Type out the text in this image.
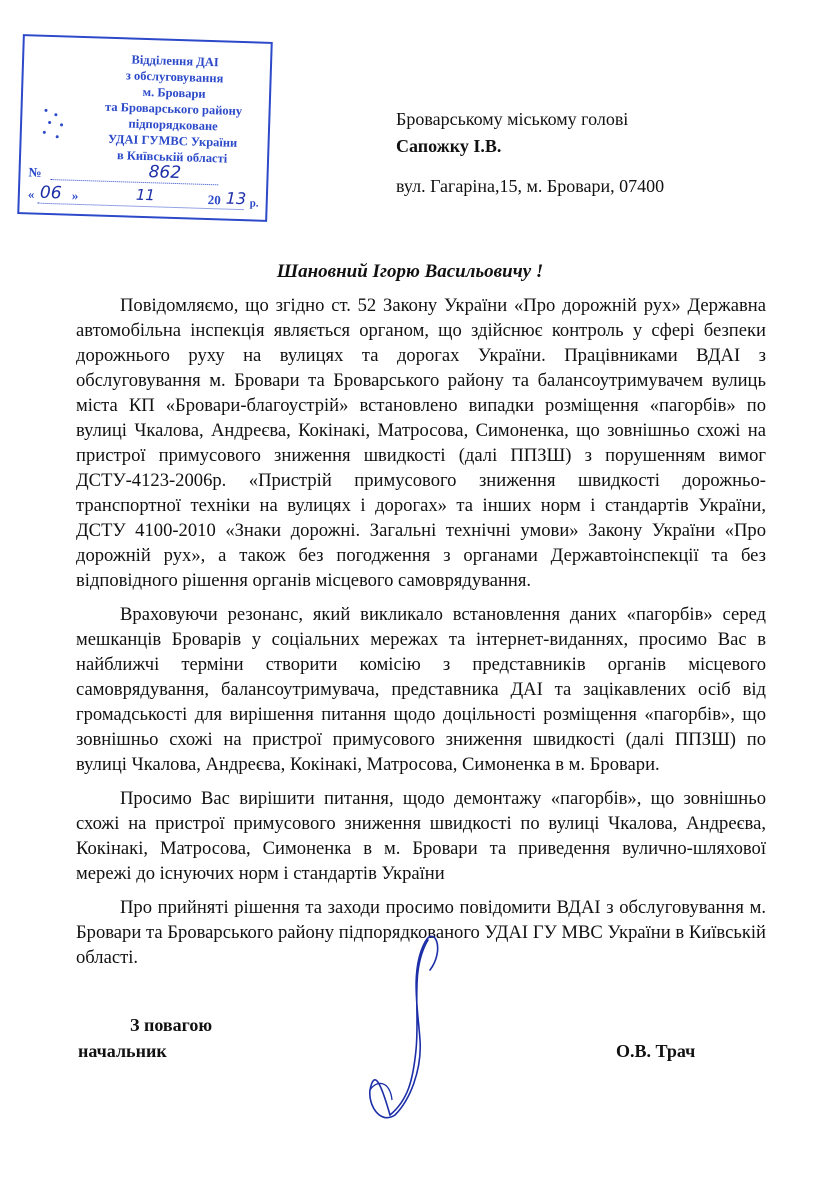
Відділення ДАІ
з обслуговування
м. Бровари
та Броварського району
підпорядковане
УДАІ ГУМВС України
в Київській області
№	862
« 06 »	11	20 13 р.
Броварському міському голові
Сапожку І.В.
вул. Гагаріна,15, м. Бровари, 07400
Шановний Ігорю Васильовичу !

Повідомляємо, що згідно ст. 52 Закону України «Про дорожній рух» Державна автомобільна інспекція являється органом, що здійснює контроль у сфері безпеки дорожнього руху на вулицях та дорогах України. Працівниками ВДАІ з обслуговування м. Бровари та Броварського району та балансоутримувачем вулиць міста КП «Бровари-благоустрій» встановлено випадки розміщення «пагорбів» по вулиці Чкалова, Андреєва, Кокінакі, Матросова, Симоненка, що зовнішньо схожі на пристрої примусового зниження швидкості (далі ППЗШ) з порушенням вимог ДСТУ-4123-2006р. «Пристрій примусового зниження швидкості дорожньо-транспортної техніки на вулицях і дорогах» та інших норм і стандартів України, ДСТУ 4100-2010 «Знаки дорожні. Загальні технічні умови» Закону України «Про дорожній рух», а також без погодження з органами Державтоінспекції та без відповідного рішення органів місцевого самоврядування.

Враховуючи резонанс, який викликало встановлення даних «пагорбів» серед мешканців Броварів у соціальних мережах та інтернет-виданнях, просимо Вас в найближчі терміни створити комісію з представників органів місцевого самоврядування, балансоутримувача, представника ДАІ та зацікавлених осіб від громадськості для вирішення питання щодо доцільності розміщення «пагорбів», що зовнішньо схожі на пристрої примусового зниження швидкості (далі ППЗШ) по вулиці Чкалова, Андреєва, Кокінакі, Матросова, Симоненка в м. Бровари.

Просимо Вас вирішити питання, щодо демонтажу «пагорбів», що зовнішньо схожі на пристрої примусового зниження швидкості по вулиці Чкалова, Андреєва, Кокінакі, Матросова, Симоненка в м. Бровари та приведення вулично-шляхової мережі до існуючих норм і стандартів України

Про прийняті рішення та заходи просимо повідомити ВДАІ з обслуговування м. Бровари та Броварського району підпорядкованого УДАІ ГУ МВС України в Київській області.

З повагою
начальник	О.В. Трач
